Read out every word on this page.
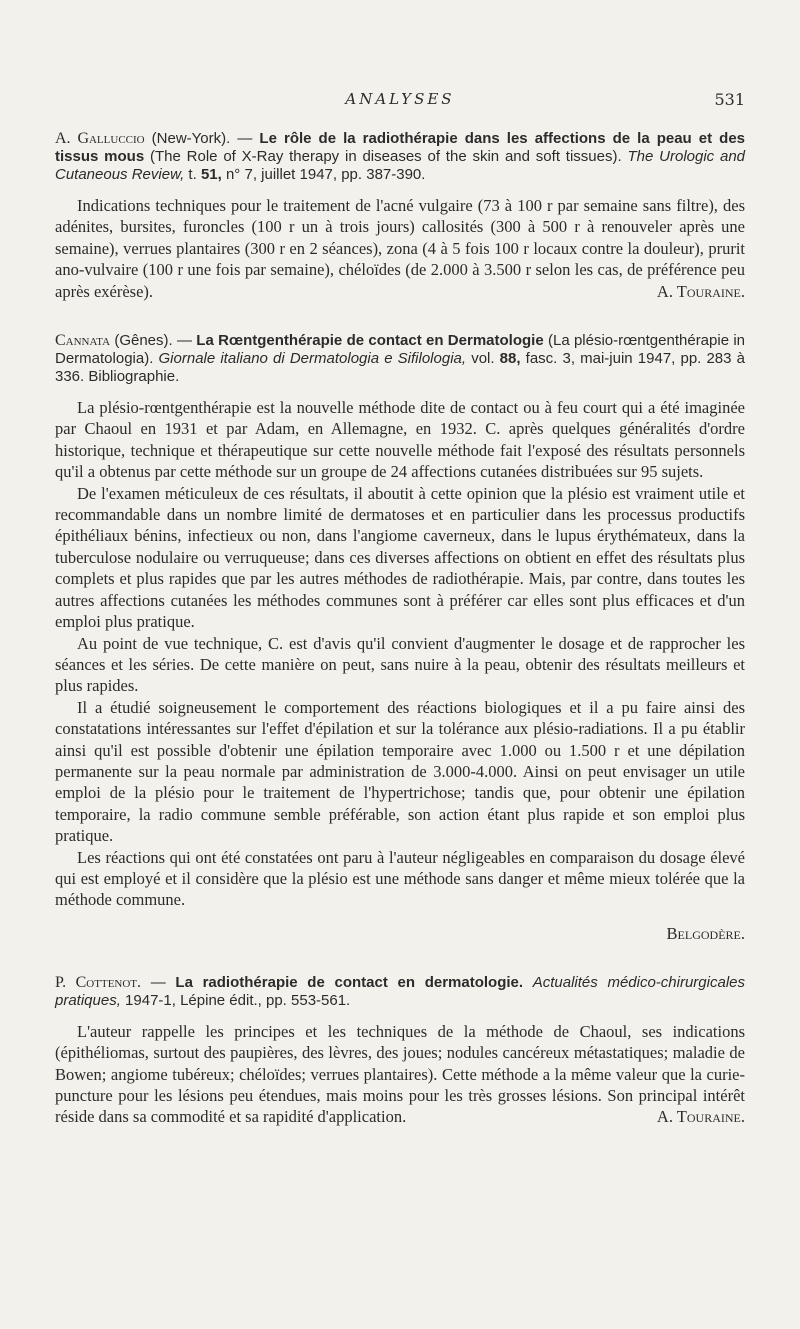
ANALYSES	531

A. Galluccio (New-York). — Le rôle de la radiothérapie dans les affections de la peau et des tissus mous (The Role of X-Ray therapy in diseases of the skin and soft tissues). The Urologic and Cutaneous Review, t. 51, n° 7, juillet 1947, pp. 387-390.

Indications techniques pour le traitement de l'acné vulgaire (73 à 100 r par semaine sans filtre), des adénites, bursites, furoncles (100 r un à trois jours) callosités (300 à 500 r à renouveler après une semaine), verrues plantaires (300 r en 2 séances), zona (4 à 5 fois 100 r locaux contre la douleur), prurit ano-vulvaire (100 r une fois par semaine), chéloïdes (de 2.000 à 3.500 r selon les cas, de préférence peu après exérèse).	A. Touraine.

Cannata (Gênes). — La Rœntgenthérapie de contact en Dermatologie (La plésio-rœntgenthérapie in Dermatologia). Giornale italiano di Dermatologia e Sifilologia, vol. 88, fasc. 3, mai-juin 1947, pp. 283 à 336. Bibliographie.

La plésio-rœntgenthérapie est la nouvelle méthode dite de contact ou à feu court qui a été imaginée par Chaoul en 1931 et par Adam, en Allemagne, en 1932. C. après quelques généralités d'ordre historique, technique et thérapeutique sur cette nouvelle méthode fait l'exposé des résultats personnels qu'il a obtenus par cette méthode sur un groupe de 24 affections cutanées distribuées sur 95 sujets.

De l'examen méticuleux de ces résultats, il aboutit à cette opinion que la plésio est vraiment utile et recommandable dans un nombre limité de dermatoses et en particulier dans les processus productifs épithéliaux bénins, infectieux ou non, dans l'angiome caverneux, dans le lupus érythémateux, dans la tuberculose nodulaire ou verruqueuse; dans ces diverses affections on obtient en effet des résultats plus complets et plus rapides que par les autres méthodes de radiothérapie. Mais, par contre, dans toutes les autres affections cutanées les méthodes communes sont à préférer car elles sont plus efficaces et d'un emploi plus pratique.

Au point de vue technique, C. est d'avis qu'il convient d'augmenter le dosage et de rapprocher les séances et les séries. De cette manière on peut, sans nuire à la peau, obtenir des résultats meilleurs et plus rapides.

Il a étudié soigneusement le comportement des réactions biologiques et il a pu faire ainsi des constatations intéressantes sur l'effet d'épilation et sur la tolérance aux plésio-radiations. Il a pu établir ainsi qu'il est possible d'obtenir une épilation temporaire avec 1.000 ou 1.500 r et une dépilation permanente sur la peau normale par administration de 3.000-4.000. Ainsi on peut envisager un utile emploi de la plésio pour le traitement de l'hypertrichose; tandis que, pour obtenir une épilation temporaire, la radio commune semble préférable, son action étant plus rapide et son emploi plus pratique.

Les réactions qui ont été constatées ont paru à l'auteur négligeables en comparaison du dosage élevé qui est employé et il considère que la plésio est une méthode sans danger et même mieux tolérée que la méthode commune.

Belgodère.

P. Cottenot. — La radiothérapie de contact en dermatologie. Actualités médico-chirurgicales pratiques, 1947-1, Lépine édit., pp. 553-561.

L'auteur rappelle les principes et les techniques de la méthode de Chaoul, ses indications (épithéliomas, surtout des paupières, des lèvres, des joues; nodules cancéreux métastatiques; maladie de Bowen; angiome tubéreux; chéloïdes; verrues plantaires). Cette méthode a la même valeur que la curie-puncture pour les lésions peu étendues, mais moins pour les très grosses lésions. Son principal intérêt réside dans sa commodité et sa rapidité d'application.	A. Touraine.
